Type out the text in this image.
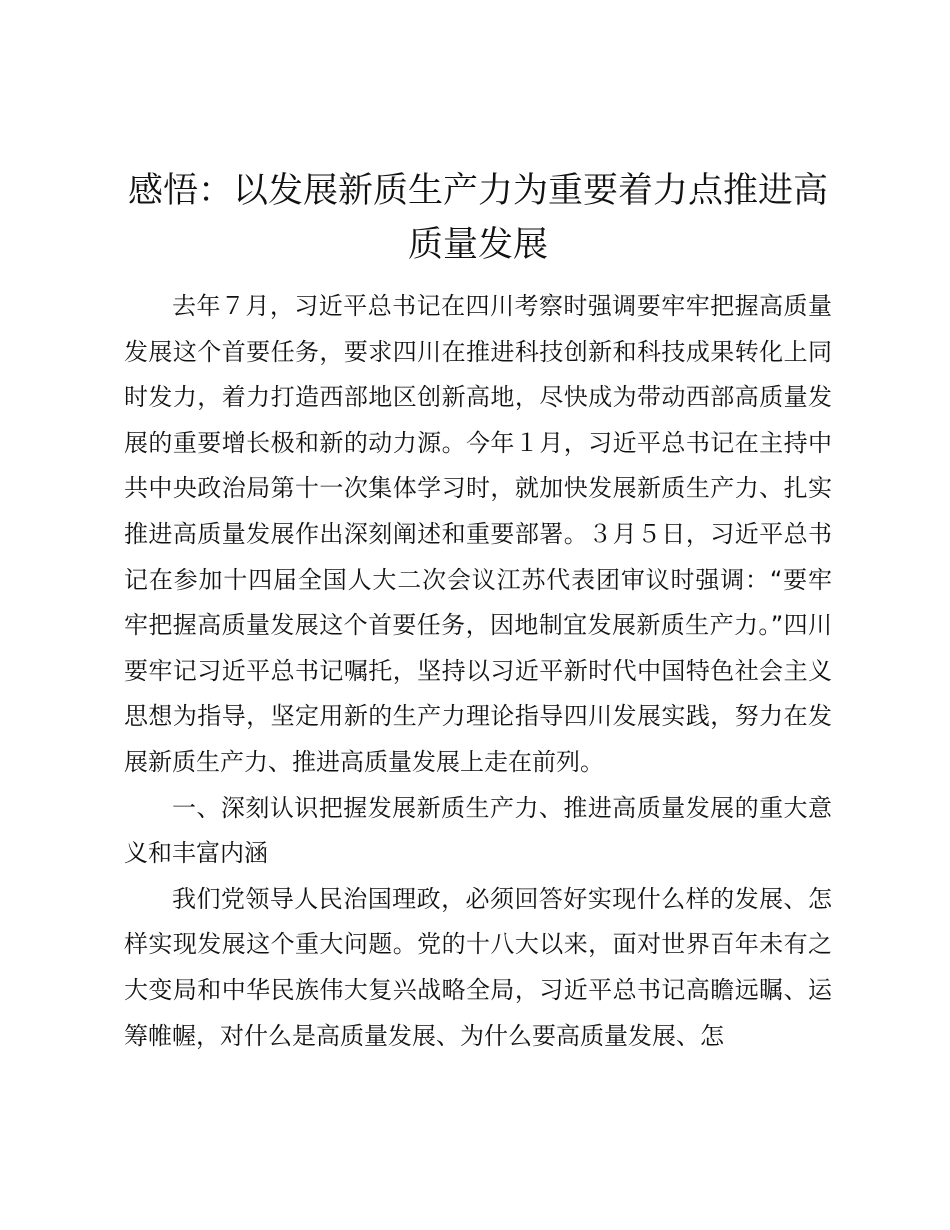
感悟：以发展新质生产力为重要着力点推进高
质量发展

去年７月，习近平总书记在四川考察时强调要牢牢把握高质量发展这个首要任务，要求四川在推进科技创新和科技成果转化上同时发力，着力打造西部地区创新高地，尽快成为带动西部高质量发展的重要增长极和新的动力源。今年１月，习近平总书记在主持中共中央政治局第十一次集体学习时，就加快发展新质生产力、扎实推进高质量发展作出深刻阐述和重要部署。３月５日，习近平总书记在参加十四届全国人大二次会议江苏代表团审议时强调：“要牢牢把握高质量发展这个首要任务，因地制宜发展新质生产力。”四川要牢记习近平总书记嘱托，坚持以习近平新时代中国特色社会主义思想为指导，坚定用新的生产力理论指导四川发展实践，努力在发展新质生产力、推进高质量发展上走在前列。

一、深刻认识把握发展新质生产力、推进高质量发展的重大意义和丰富内涵

我们党领导人民治国理政，必须回答好实现什么样的发展、怎样实现发展这个重大问题。党的十八大以来，面对世界百年未有之大变局和中华民族伟大复兴战略全局，习近平总书记高瞻远瞩、运筹帷幄，对什么是高质量发展、为什么要高质量发展、怎
